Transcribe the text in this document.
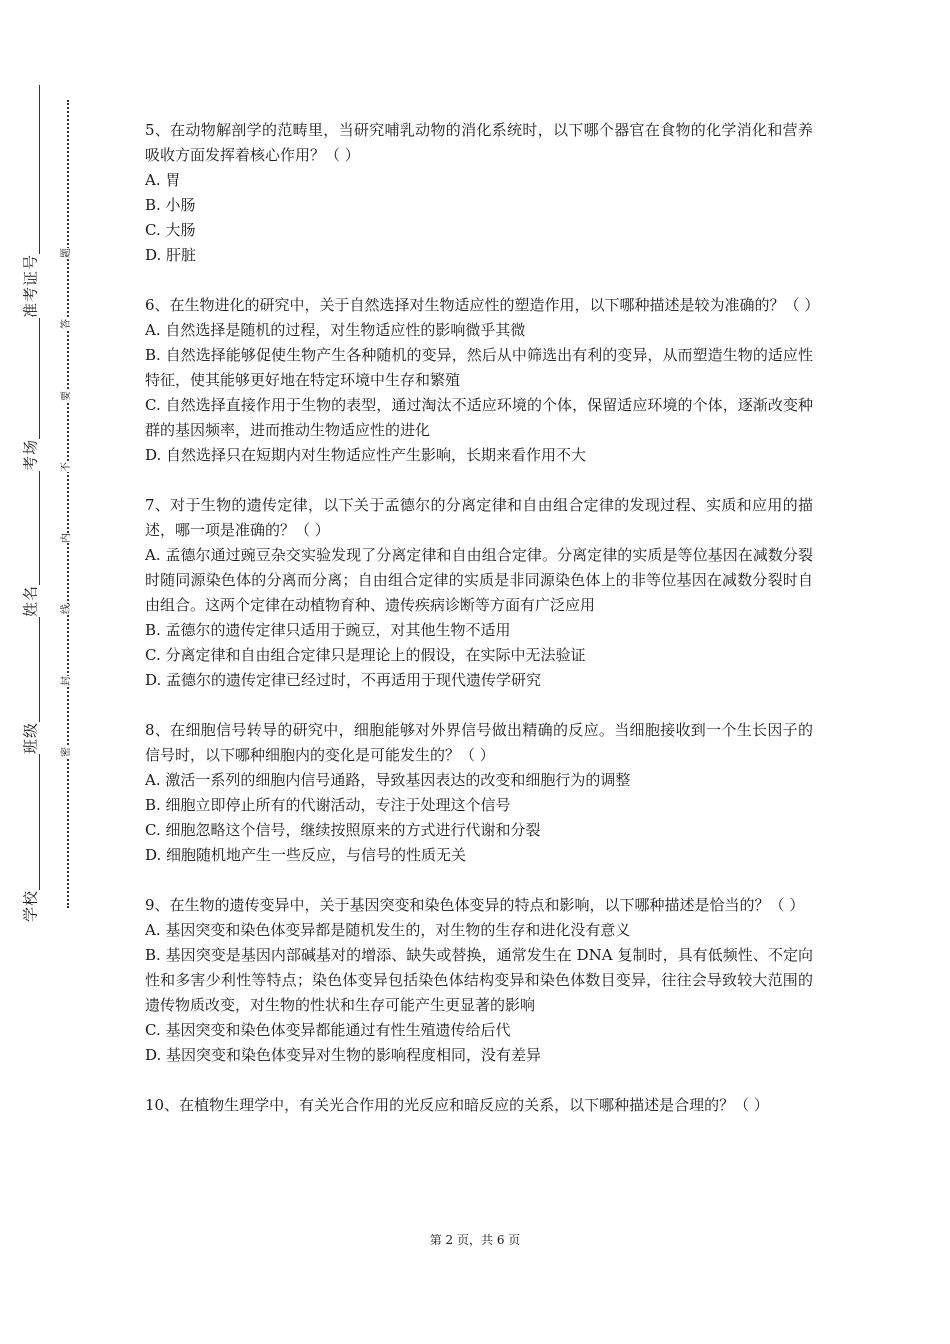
准考证号
考场
姓名
班级
学校
题
答
要
不
内
线
封
密
5、在动物解剖学的范畴里，当研究哺乳动物的消化系统时，以下哪个器官在食物的化学消化和营养吸收方面发挥着核心作用？（ ）
A. 胃
B. 小肠
C. 大肠
D. 肝脏
6、在生物进化的研究中，关于自然选择对生物适应性的塑造作用，以下哪种描述是较为准确的？（ ）
A. 自然选择是随机的过程，对生物适应性的影响微乎其微
B. 自然选择能够促使生物产生各种随机的变异，然后从中筛选出有利的变异，从而塑造生物的适应性特征，使其能够更好地在特定环境中生存和繁殖
C. 自然选择直接作用于生物的表型，通过淘汰不适应环境的个体，保留适应环境的个体，逐渐改变种群的基因频率，进而推动生物适应性的进化
D. 自然选择只在短期内对生物适应性产生影响，长期来看作用不大
7、对于生物的遗传定律，以下关于孟德尔的分离定律和自由组合定律的发现过程、实质和应用的描述，哪一项是准确的？（ ）
A. 孟德尔通过豌豆杂交实验发现了分离定律和自由组合定律。分离定律的实质是等位基因在减数分裂时随同源染色体的分离而分离；自由组合定律的实质是非同源染色体上的非等位基因在减数分裂时自由组合。这两个定律在动植物育种、遗传疾病诊断等方面有广泛应用
B. 孟德尔的遗传定律只适用于豌豆，对其他生物不适用
C. 分离定律和自由组合定律只是理论上的假设，在实际中无法验证
D. 孟德尔的遗传定律已经过时，不再适用于现代遗传学研究
8、在细胞信号转导的研究中，细胞能够对外界信号做出精确的反应。当细胞接收到一个生长因子的信号时，以下哪种细胞内的变化是可能发生的？（ ）
A. 激活一系列的细胞内信号通路，导致基因表达的改变和细胞行为的调整
B. 细胞立即停止所有的代谢活动，专注于处理这个信号
C. 细胞忽略这个信号，继续按照原来的方式进行代谢和分裂
D. 细胞随机地产生一些反应，与信号的性质无关
9、在生物的遗传变异中，关于基因突变和染色体变异的特点和影响，以下哪种描述是恰当的？（ ）
A. 基因突变和染色体变异都是随机发生的，对生物的生存和进化没有意义
B. 基因突变是基因内部碱基对的增添、缺失或替换，通常发生在 DNA 复制时，具有低频性、不定向性和多害少利性等特点；染色体变异包括染色体结构变异和染色体数目变异，往往会导致较大范围的遗传物质改变，对生物的性状和生存可能产生更显著的影响
C. 基因突变和染色体变异都能通过有性生殖遗传给后代
D. 基因突变和染色体变异对生物的影响程度相同，没有差异
10、在植物生理学中，有关光合作用的光反应和暗反应的关系，以下哪种描述是合理的？（ ）
第 2 页，共 6 页
